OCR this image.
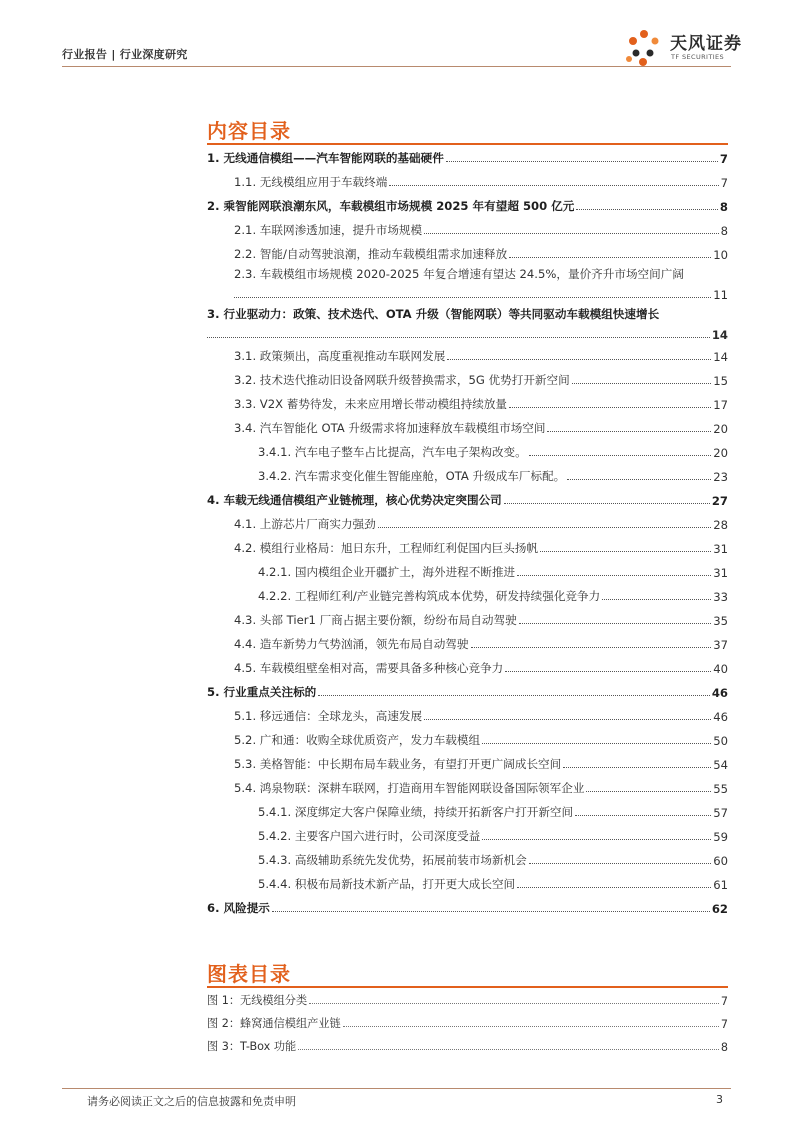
行业报告 | 行业深度研究
天风证券
TF SECURITIES
内容目录
1. 无线通信模组——汽车智能网联的基础硬件	7
1.1. 无线模组应用于车载终端	7
2. 乘智能网联浪潮东风，车载模组市场规模 2025 年有望超 500 亿元	8
2.1. 车联网渗透加速，提升市场规模	8
2.2. 智能/自动驾驶浪潮，推动车载模组需求加速释放	10
2.3. 车载模组市场规模 2020-2025 年复合增速有望达 24.5%，量价齐升市场空间广阔
11
3. 行业驱动力：政策、技术迭代、OTA 升级（智能网联）等共同驱动车载模组快速增长
14
3.1. 政策频出，高度重视推动车联网发展	14
3.2. 技术迭代推动旧设备网联升级替换需求，5G 优势打开新空间	15
3.3. V2X 蓄势待发，未来应用增长带动模组持续放量	17
3.4. 汽车智能化 OTA 升级需求将加速释放车载模组市场空间	20
3.4.1. 汽车电子整车占比提高，汽车电子架构改变。	20
3.4.2. 汽车需求变化催生智能座舱，OTA 升级成车厂标配。	23
4. 车载无线通信模组产业链梳理，核心优势决定突围公司	27
4.1. 上游芯片厂商实力强劲	28
4.2. 模组行业格局：旭日东升，工程师红利促国内巨头扬帆	31
4.2.1. 国内模组企业开疆扩土，海外进程不断推进	31
4.2.2. 工程师红利/产业链完善构筑成本优势，研发持续强化竞争力	33
4.3. 头部 Tier1 厂商占据主要份额，纷纷布局自动驾驶	35
4.4. 造车新势力气势汹涌，领先布局自动驾驶	37
4.5. 车载模组壁垒相对高，需要具备多种核心竞争力	40
5. 行业重点关注标的	46
5.1. 移远通信：全球龙头，高速发展	46
5.2. 广和通：收购全球优质资产，发力车载模组	50
5.3. 美格智能：中长期布局车载业务，有望打开更广阔成长空间	54
5.4. 鸿泉物联：深耕车联网，打造商用车智能网联设备国际领军企业	55
5.4.1. 深度绑定大客户保障业绩，持续开拓新客户打开新空间	57
5.4.2. 主要客户国六进行时，公司深度受益	59
5.4.3. 高级辅助系统先发优势，拓展前装市场新机会	60
5.4.4. 积极布局新技术新产品，打开更大成长空间	61
6. 风险提示	62
图表目录
图 1：无线模组分类	7
图 2：蜂窝通信模组产业链	7
图 3：T-Box 功能	8
请务必阅读正文之后的信息披露和免责申明	3
